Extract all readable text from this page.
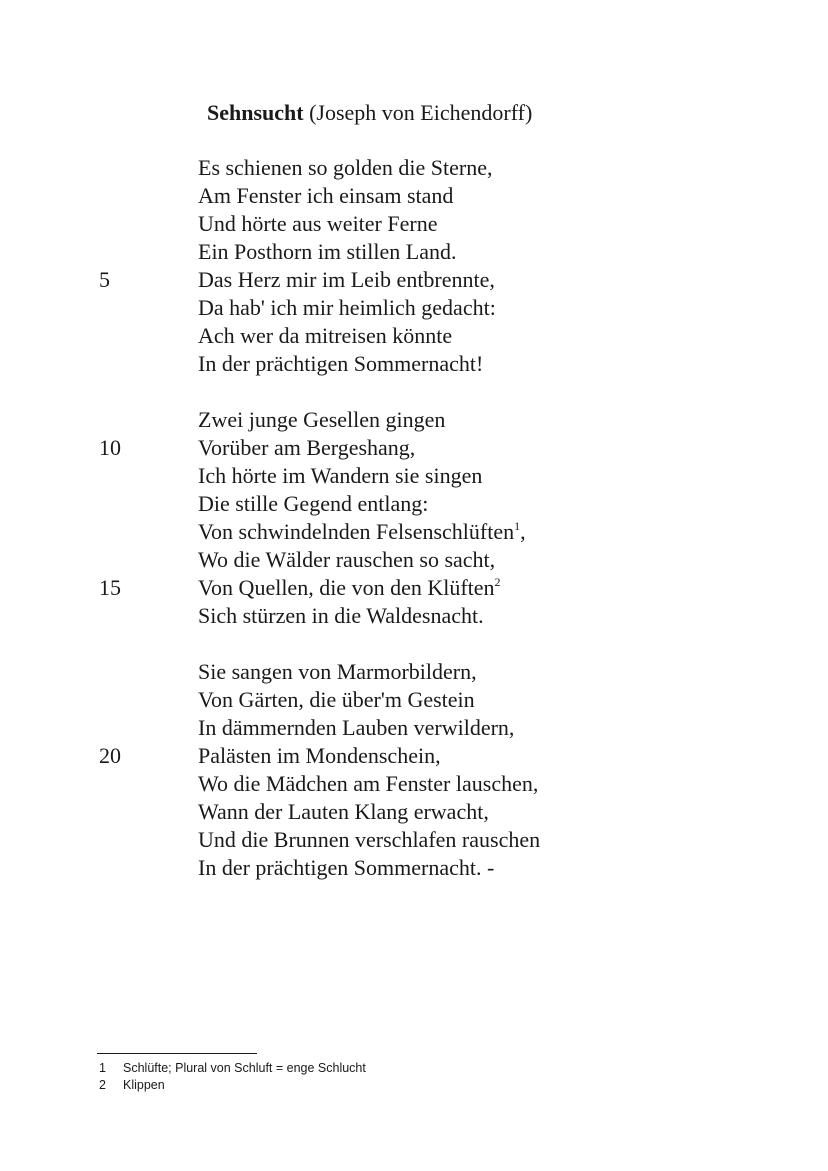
Sehnsucht (Joseph von Eichendorff)
Es schienen so golden die Sterne,
Am Fenster ich einsam stand
Und hörte aus weiter Ferne
Ein Posthorn im stillen Land.
5	Das Herz mir im Leib entbrennte,
Da hab' ich mir heimlich gedacht:
Ach wer da mitreisen könnte
In der prächtigen Sommernacht!
Zwei junge Gesellen gingen
10	Vorüber am Bergeshang,
Ich hörte im Wandern sie singen
Die stille Gegend entlang:
Von schwindelnden Felsenschlüften$^1$,
Wo die Wälder rauschen so sacht,
15	Von Quellen, die von den Klüften$^2$
Sich stürzen in die Waldesnacht.
Sie sangen von Marmorbildern,
Von Gärten, die über'm Gestein
In dämmernden Lauben verwildern,
20	Palästen im Mondenschein,
Wo die Mädchen am Fenster lauschen,
Wann der Lauten Klang erwacht,
Und die Brunnen verschlafen rauschen
In der prächtigen Sommernacht. -
1 Schlüfte; Plural von Schluft = enge Schlucht
2 Klippen
